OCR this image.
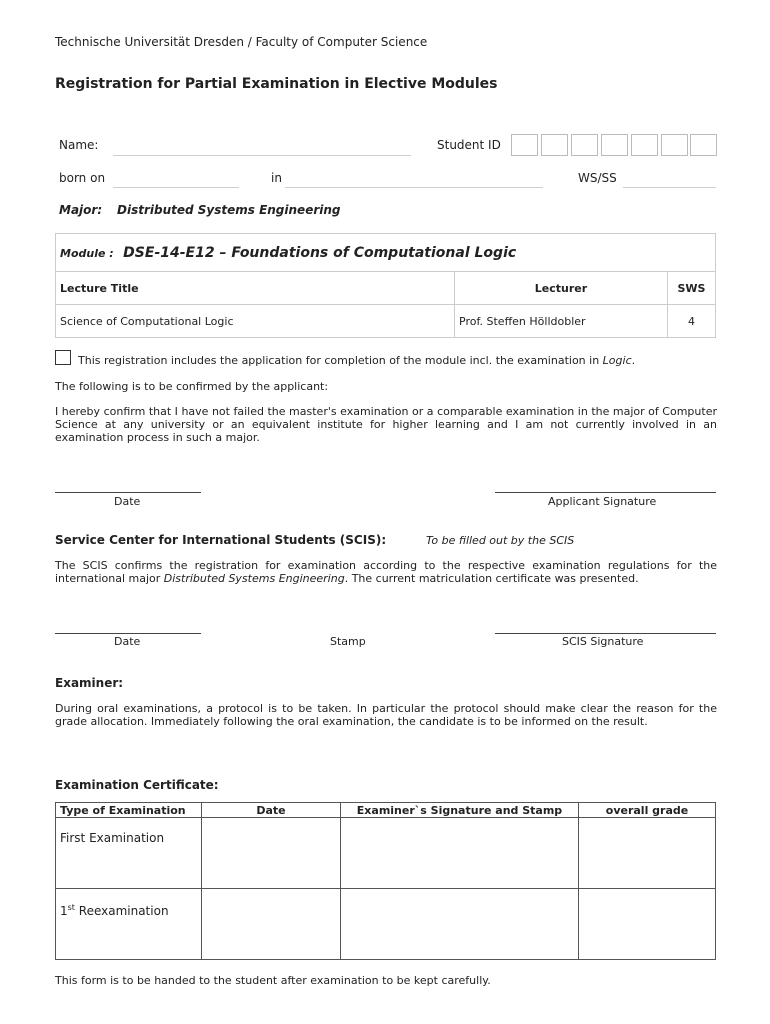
Technische Universität Dresden / Faculty of Computer Science
Registration for Partial Examination in Elective Modules
Name:	Student ID
born on	in	WS/SS
Major: Distributed Systems Engineering
Module : DSE-14-E12 – Foundations of Computational Logic		
Lecture Title	Lecturer	SWS
Science of Computational Logic	Prof. Steffen Hölldobler	4
This registration includes the application for completion of the module incl. the examination in Logic.
The following is to be confirmed by the applicant:
I hereby confirm that I have not failed the master's examination or a comparable examination in the major of Computer Science at any university or an equivalent institute for higher learning and I am not currently involved in an examination process in such a major.
Date	Applicant Signature
Service Center for International Students (SCIS):	To be filled out by the SCIS
The SCIS confirms the registration for examination according to the respective examination regulations for the international major Distributed Systems Engineering. The current matriculation certificate was presented.
Date	Stamp	SCIS Signature
Examiner:
During oral examinations, a protocol is to be taken. In particular the protocol should make clear the reason for the grade allocation. Immediately following the oral examination, the candidate is to be informed on the result.
Examination Certificate:
Type of Examination	Date	Examiner`s Signature and Stamp	overall grade
First Examination			
1st Reexamination			
This form is to be handed to the student after examination to be kept carefully.
